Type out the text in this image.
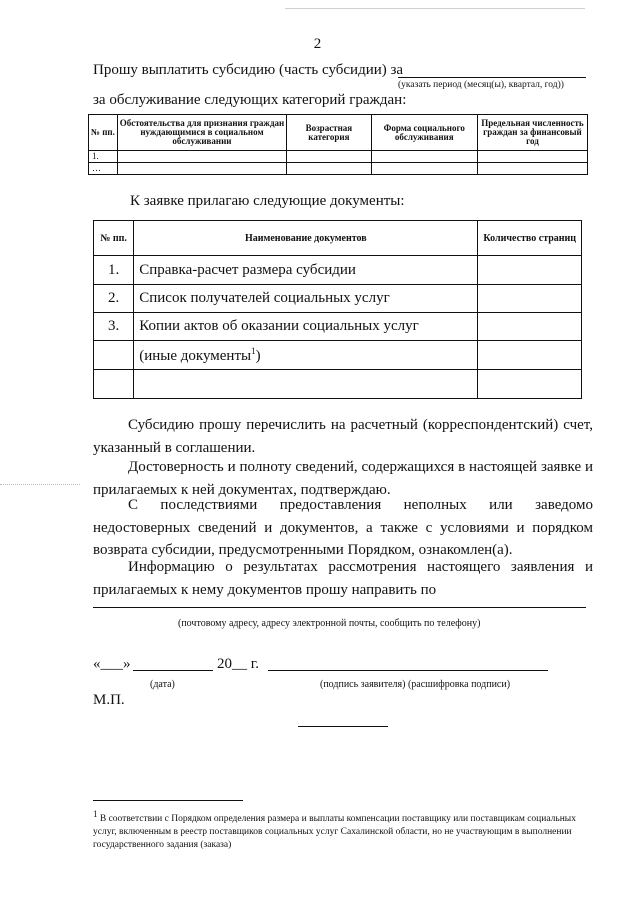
2
Прошу выплатить субсидию (часть субсидии) за
(указать период (месяц(ы), квартал, год))
за обслуживание следующих категорий граждан:
№ пп.	Обстоятельства для признания граждан нуждающимися в социальном обслуживании	Возрастная категория	Форма социального обслуживания	Предельная численность граждан за финансовый год
1.				
…				
К заявке прилагаю следующие документы:
№ пп.	Наименование документов	Количество страниц
1.	Справка-расчет размера субсидии	
2.	Список получателей социальных услуг	
3.	Копии актов об оказании социальных услуг	
	(иные документы$^1$)	

Субсидию прошу перечислить на расчетный (корреспондентский) счет,
указанный в соглашении.
Достоверность и полноту сведений, содержащихся в настоящей заявке и
прилагаемых к ней документах, подтверждаю.
С последствиями предоставления неполных или заведомо
недостоверных сведений и документов, а также с условиями и порядком
возврата субсидии, предусмотренными Порядком, ознакомлен(а).
Информацию о результатах рассмотрения настоящего заявления и
прилагаемых к нему документов прошу направить по
(почтовому адресу, адресу электронной почты, сообщить по телефону)
«___»	20__ г.
(дата)	(подпись заявителя) (расшифровка подписи)
М.П.
$^1$ В соответствии с Порядком определения размера и выплаты компенсации поставщику или поставщикам социальных услуг, включенным в реестр поставщиков социальных услуг Сахалинской области, но не участвующим в выполнении государственного задания (заказа)
